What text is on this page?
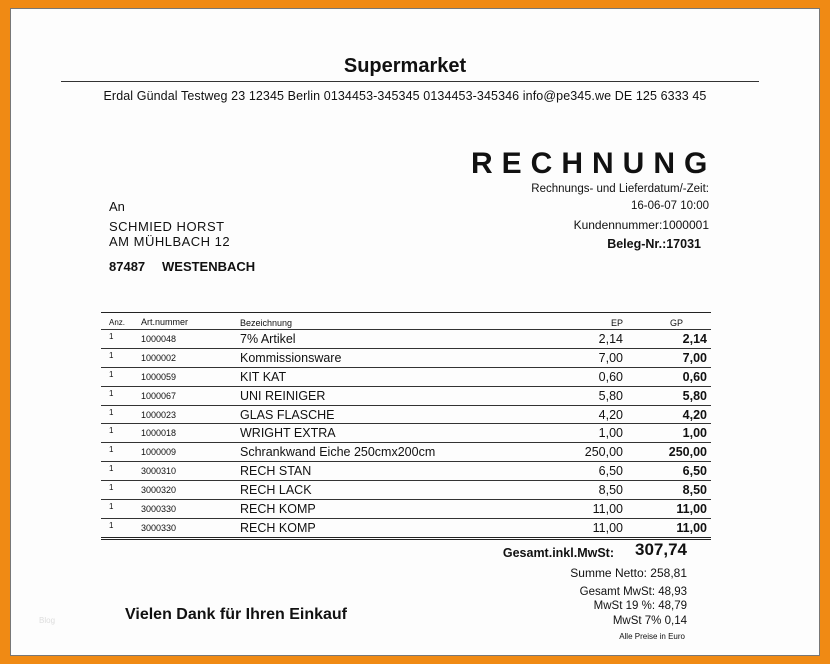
Supermarket
Erdal Gündal Testweg 23 12345 Berlin 0134453-345345 0134453-345346 info@pe345.we DE 125 6333 45
RECHNUNG
Rechnungs- und Lieferdatum/-Zeit:
16-06-07 10:00
Kundennummer:1000001
Beleg-Nr.:17031
An
SCHMIED HORST
AM MÜHLBACH 12
87487 WESTENBACH
Anz. Art.nummer	Bezeichnung	EP	GP
1	1000048	7% Artikel	2,14	2,14
1	1000002	Kommissionsware	7,00	7,00
1	1000059	KIT KAT	0,60	0,60
1	1000067	UNI REINIGER	5,80	5,80
1	1000023	GLAS FLASCHE	4,20	4,20
1	1000018	WRIGHT EXTRA	1,00	1,00
1	1000009	Schrankwand Eiche 250cmx200cm	250,00	250,00
1	3000310	RECH STAN	6,50	6,50
1	3000320	RECH LACK	8,50	8,50
1	3000330	RECH KOMP	11,00	11,00
1	3000330	RECH KOMP	11,00	11,00
Gesamt.inkl.MwSt: 307,74
Summe Netto: 258,81
Gesamt MwSt: 48,93
MwSt 19 %: 48,79
MwSt 7% 0,14
Alle Preise in Euro
Vielen Dank für Ihren Einkauf
Blog
